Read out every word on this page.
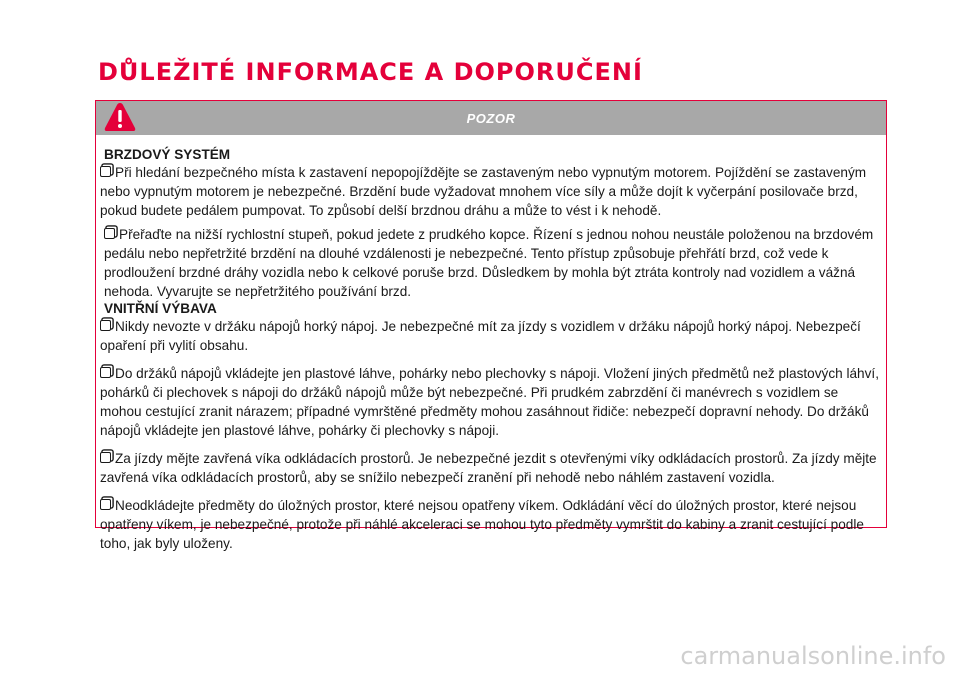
DŮLEŽITÉ INFORMACE A DOPORUČENÍ
POZOR

BRZDOVÝ SYSTÉM

Při hledání bezpečného místa k zastavení nepopojíždějte se zastaveným nebo vypnutým motorem. Pojíždění se zastaveným nebo vypnutým motorem je nebezpečné. Brzdění bude vyžadovat mnohem více síly a může dojít k vyčerpání posilovače brzd, pokud budete pedálem pumpovat. To způsobí delší brzdnou dráhu a může to vést i k nehodě.

Přeřaďte na nižší rychlostní stupeň, pokud jedete z prudkého kopce. Řízení s jednou nohou neustále položenou na brzdovém pedálu nebo nepřetržité brzdění na dlouhé vzdálenosti je nebezpečné. Tento přístup způsobuje přehřátí brzd, což vede k prodloužení brzdné dráhy vozidla nebo k celkové poruše brzd. Důsledkem by mohla být ztráta kontroly nad vozidlem a vážná nehoda. Vyvarujte se nepřetržitého používání brzd.

VNITŘNÍ VÝBAVA

Nikdy nevozte v držáku nápojů horký nápoj. Je nebezpečné mít za jízdy s vozidlem v držáku nápojů horký nápoj. Nebezpečí opaření při vylití obsahu.

Do držáků nápojů vkládejte jen plastové láhve, pohárky nebo plechovky s nápoji. Vložení jiných předmětů než plastových láhví, pohárků či plechovek s nápoji do držáků nápojů může být nebezpečné. Při prudkém zabrzdění či manévrech s vozidlem se mohou cestující zranit nárazem; případné vymrštěné předměty mohou zasáhnout řidiče: nebezpečí dopravní nehody. Do držáků nápojů vkládejte jen plastové láhve, pohárky či plechovky s nápoji.

Za jízdy mějte zavřená víka odkládacích prostorů. Je nebezpečné jezdit s otevřenými víky odkládacích prostorů. Za jízdy mějte zavřená víka odkládacích prostorů, aby se snížilo nebezpečí zranění při nehodě nebo náhlém zastavení vozidla.

Neodkládejte předměty do úložných prostor, které nejsou opatřeny víkem. Odkládání věcí do úložných prostor, které nejsou opatřeny víkem, je nebezpečné, protože při náhlé akceleraci se mohou tyto předměty vymrštit do kabiny a zranit cestující podle toho, jak byly uloženy.

carmanualsonline.info
